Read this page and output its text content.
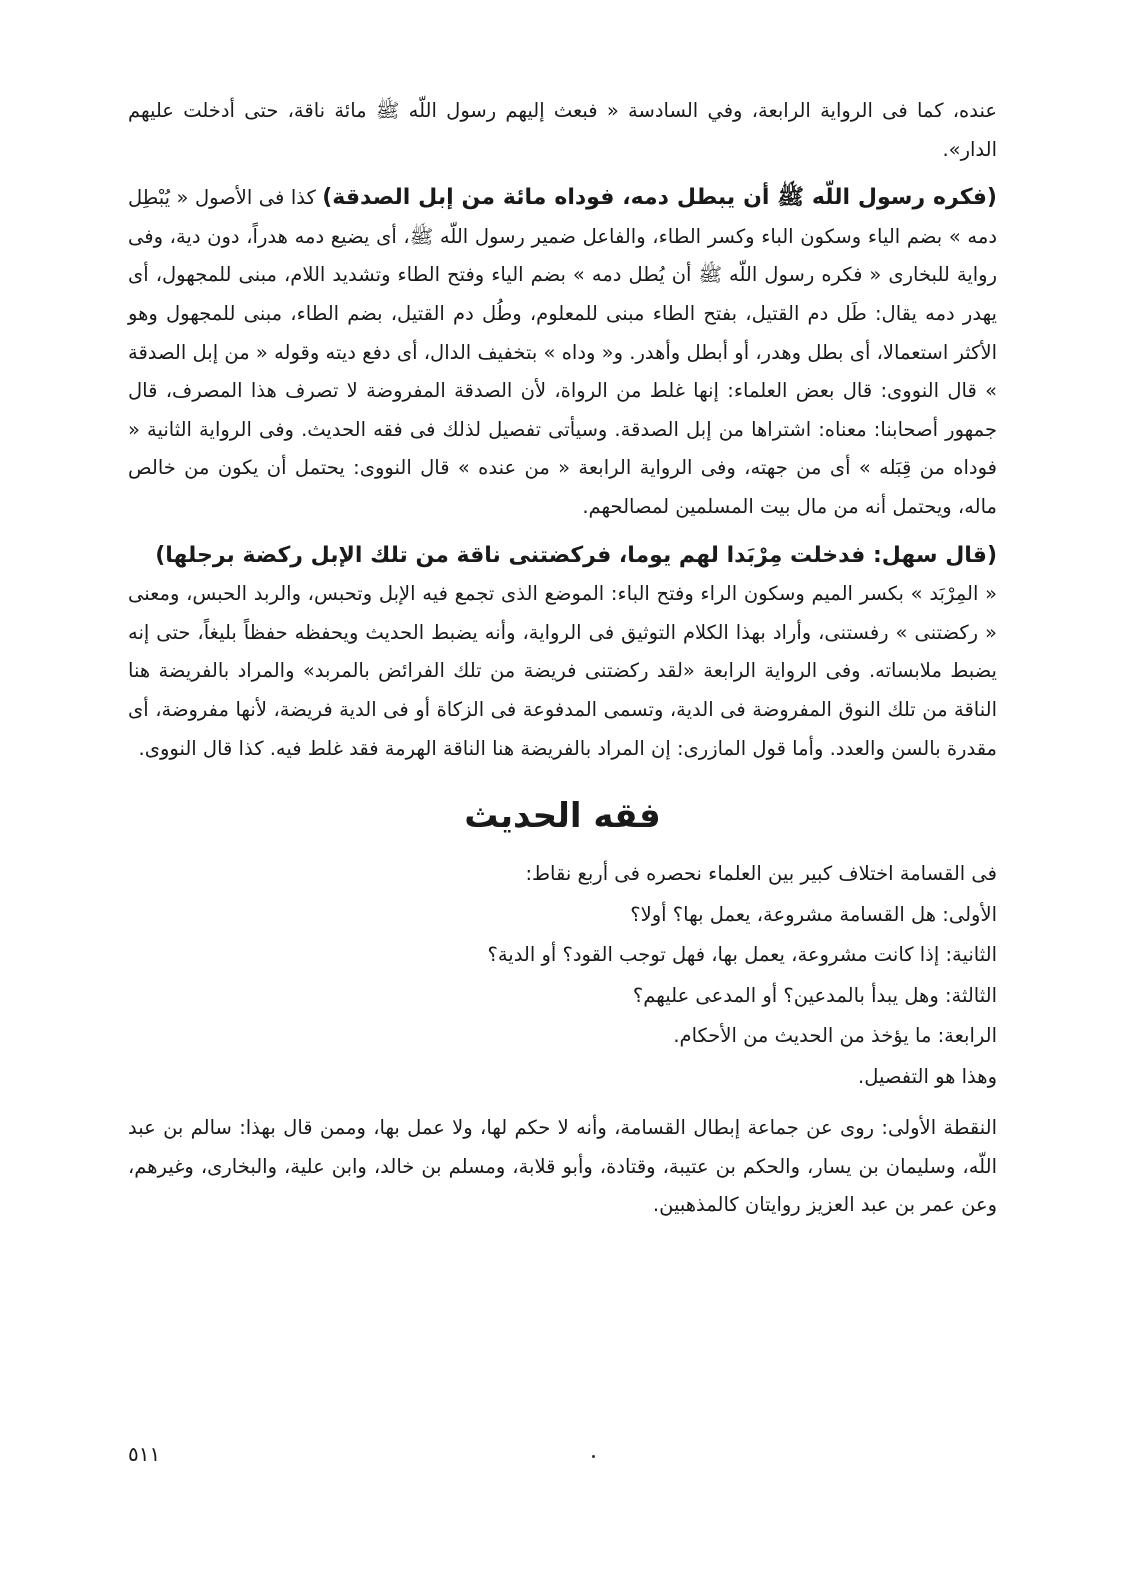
عنده، كما فى الرواية الرابعة، وفي السادسة « فبعث إليهم رسول اللّه ﷺ مائة ناقة، حتى أدخلت عليهم الدار».

(فكره رسول اللّه ﷺ أن يبطل دمه، فوداه مائة من إبل الصدقة) كذا فى الأصول « يُبْطِل دمه » بضم الياء وسكون الباء وكسر الطاء، والفاعل ضمير رسول اللّه ﷺ، أى يضيع دمه هدراً، دون دية، وفى رواية للبخارى « فكره رسول اللّه ﷺ أن يُطل دمه » بضم الياء وفتح الطاء وتشديد اللام، مبنى للمجهول، أى يهدر دمه يقال: طَل دم القتيل، بفتح الطاء مبنى للمعلوم، وطُل دم القتيل، بضم الطاء، مبنى للمجهول وهو الأكثر استعمالا، أى بطل وهدر، أو أبطل وأهدر. و« وداه » بتخفيف الدال، أى دفع ديته وقوله « من إبل الصدقة » قال النووى: قال بعض العلماء: إنها غلط من الرواة، لأن الصدقة المفروضة لا تصرف هذا المصرف، قال جمهور أصحابنا: معناه: اشتراها من إبل الصدقة. وسيأتى تفصيل لذلك فى فقه الحديث. وفى الرواية الثانية « فوداه من قِبَله » أى من جهته، وفى الرواية الرابعة « من عنده » قال النووى: يحتمل أن يكون من خالص ماله، ويحتمل أنه من مال بيت المسلمين لمصالحهم.

(قال سهل: فدخلت مِرْبَدا لهم يوما، فركضتنى ناقة من تلك الإبل ركضة برجلها)
« المِرْبَد » بكسر الميم وسكون الراء وفتح الباء: الموضع الذى تجمع فيه الإبل وتحبس، والربد الحبس، ومعنى « ركضتنى » رفستنى، وأراد بهذا الكلام التوثيق فى الرواية، وأنه يضبط الحديث ويحفظه حفظاً بليغاً، حتى إنه يضبط ملابساته. وفى الرواية الرابعة «لقد ركضتنى فريضة من تلك الفرائض بالمربد» والمراد بالفريضة هنا الناقة من تلك النوق المفروضة فى الدية، وتسمى المدفوعة فى الزكاة أو فى الدية فريضة، لأنها مفروضة، أى مقدرة بالسن والعدد. وأما قول المازرى: إن المراد بالفريضة هنا الناقة الهرمة فقد غلط فيه. كذا قال النووى.

فقه الحديث
فى القسامة اختلاف كبير بين العلماء نحصره فى أربع نقاط:
الأولى: هل القسامة مشروعة، يعمل بها؟ أولا؟
الثانية: إذا كانت مشروعة، يعمل بها، فهل توجب القود؟ أو الدية؟
الثالثة: وهل يبدأ بالمدعين؟ أو المدعى عليهم؟
الرابعة: ما يؤخذ من الحديث من الأحكام.
وهذا هو التفصيل.

النقطة الأولى: روى عن جماعة إبطال القسامة، وأنه لا حكم لها، ولا عمل بها، وممن قال بهذا: سالم بن عبد اللّه، وسليمان بن يسار، والحكم بن عتيبة، وقتادة، وأبو قلابة، ومسلم بن خالد، وابن علية، والبخارى، وغيرهم، وعن عمر بن عبد العزيز روايتان كالمذهبين.

٥١١
